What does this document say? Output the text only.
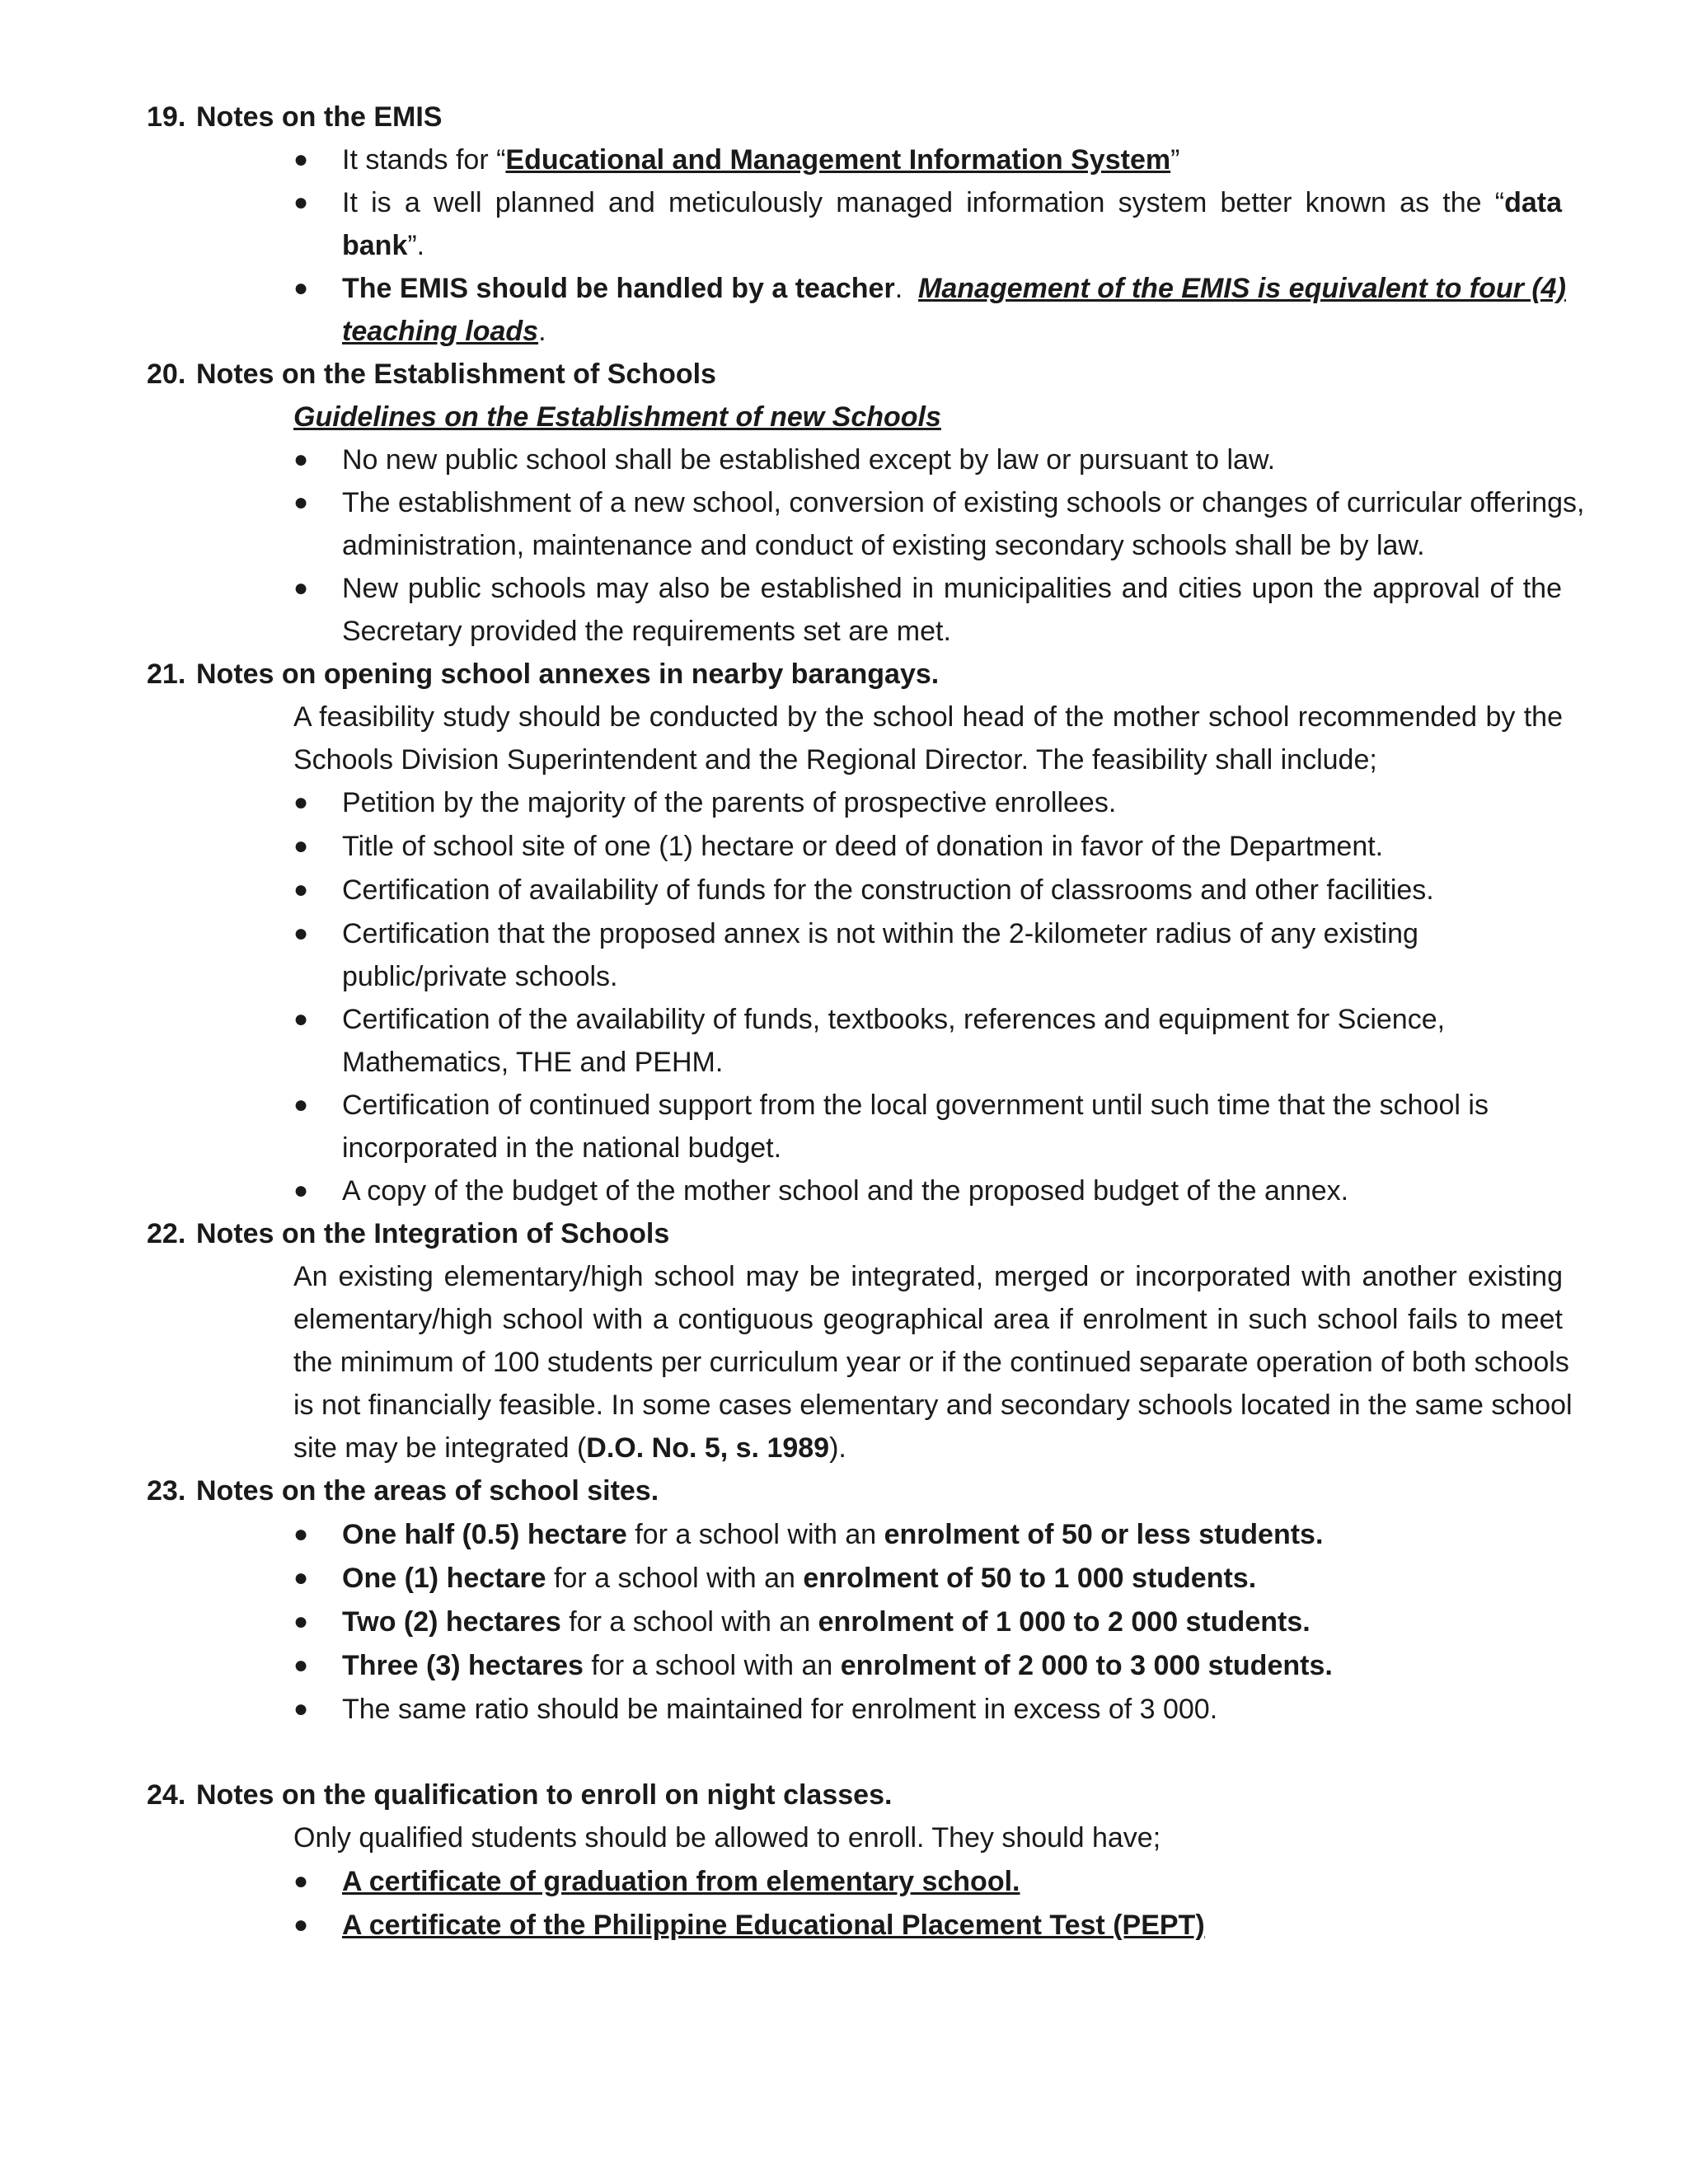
19. Notes on the EMIS
●	It stands for “Educational and Management Information System”
●	It is a well planned and meticulously managed information system better known as the “data
bank”.
●	The EMIS should be handled by a teacher. Management of the EMIS is equivalent to four (4)
teaching loads.
20. Notes on the Establishment of Schools
Guidelines on the Establishment of new Schools
●	No new public school shall be established except by law or pursuant to law.
●	The establishment of a new school, conversion of existing schools or changes of curricular offerings,
administration, maintenance and conduct of existing secondary schools shall be by law.
●	New public schools may also be established in municipalities and cities upon the approval of the
Secretary provided the requirements set are met.
21. Notes on opening school annexes in nearby barangays.
A feasibility study should be conducted by the school head of the mother school recommended by the
Schools Division Superintendent and the Regional Director. The feasibility shall include;
●	Petition by the majority of the parents of prospective enrollees.
●	Title of school site of one (1) hectare or deed of donation in favor of the Department.
●	Certification of availability of funds for the construction of classrooms and other facilities.
●	Certification that the proposed annex is not within the 2-kilometer radius of any existing
public/private schools.
●	Certification of the availability of funds, textbooks, references and equipment for Science,
Mathematics, THE and PEHM.
●	Certification of continued support from the local government until such time that the school is
incorporated in the national budget.
●	A copy of the budget of the mother school and the proposed budget of the annex.
22. Notes on the Integration of Schools
An existing elementary/high school may be integrated, merged or incorporated with another existing
elementary/high school with a contiguous geographical area if enrolment in such school fails to meet
the minimum of 100 students per curriculum year or if the continued separate operation of both schools
is not financially feasible. In some cases elementary and secondary schools located in the same school
site may be integrated (D.O. No. 5, s. 1989).
23. Notes on the areas of school sites.
●	One half (0.5) hectare for a school with an enrolment of 50 or less students.
●	One (1) hectare for a school with an enrolment of 50 to 1 000 students.
●	Two (2) hectares for a school with an enrolment of 1 000 to 2 000 students.
●	Three (3) hectares for a school with an enrolment of 2 000 to 3 000 students.
●	The same ratio should be maintained for enrolment in excess of 3 000.
24. Notes on the qualification to enroll on night classes.
Only qualified students should be allowed to enroll. They should have;
●	A certificate of graduation from elementary school.
●	A certificate of the Philippine Educational Placement Test (PEPT)
